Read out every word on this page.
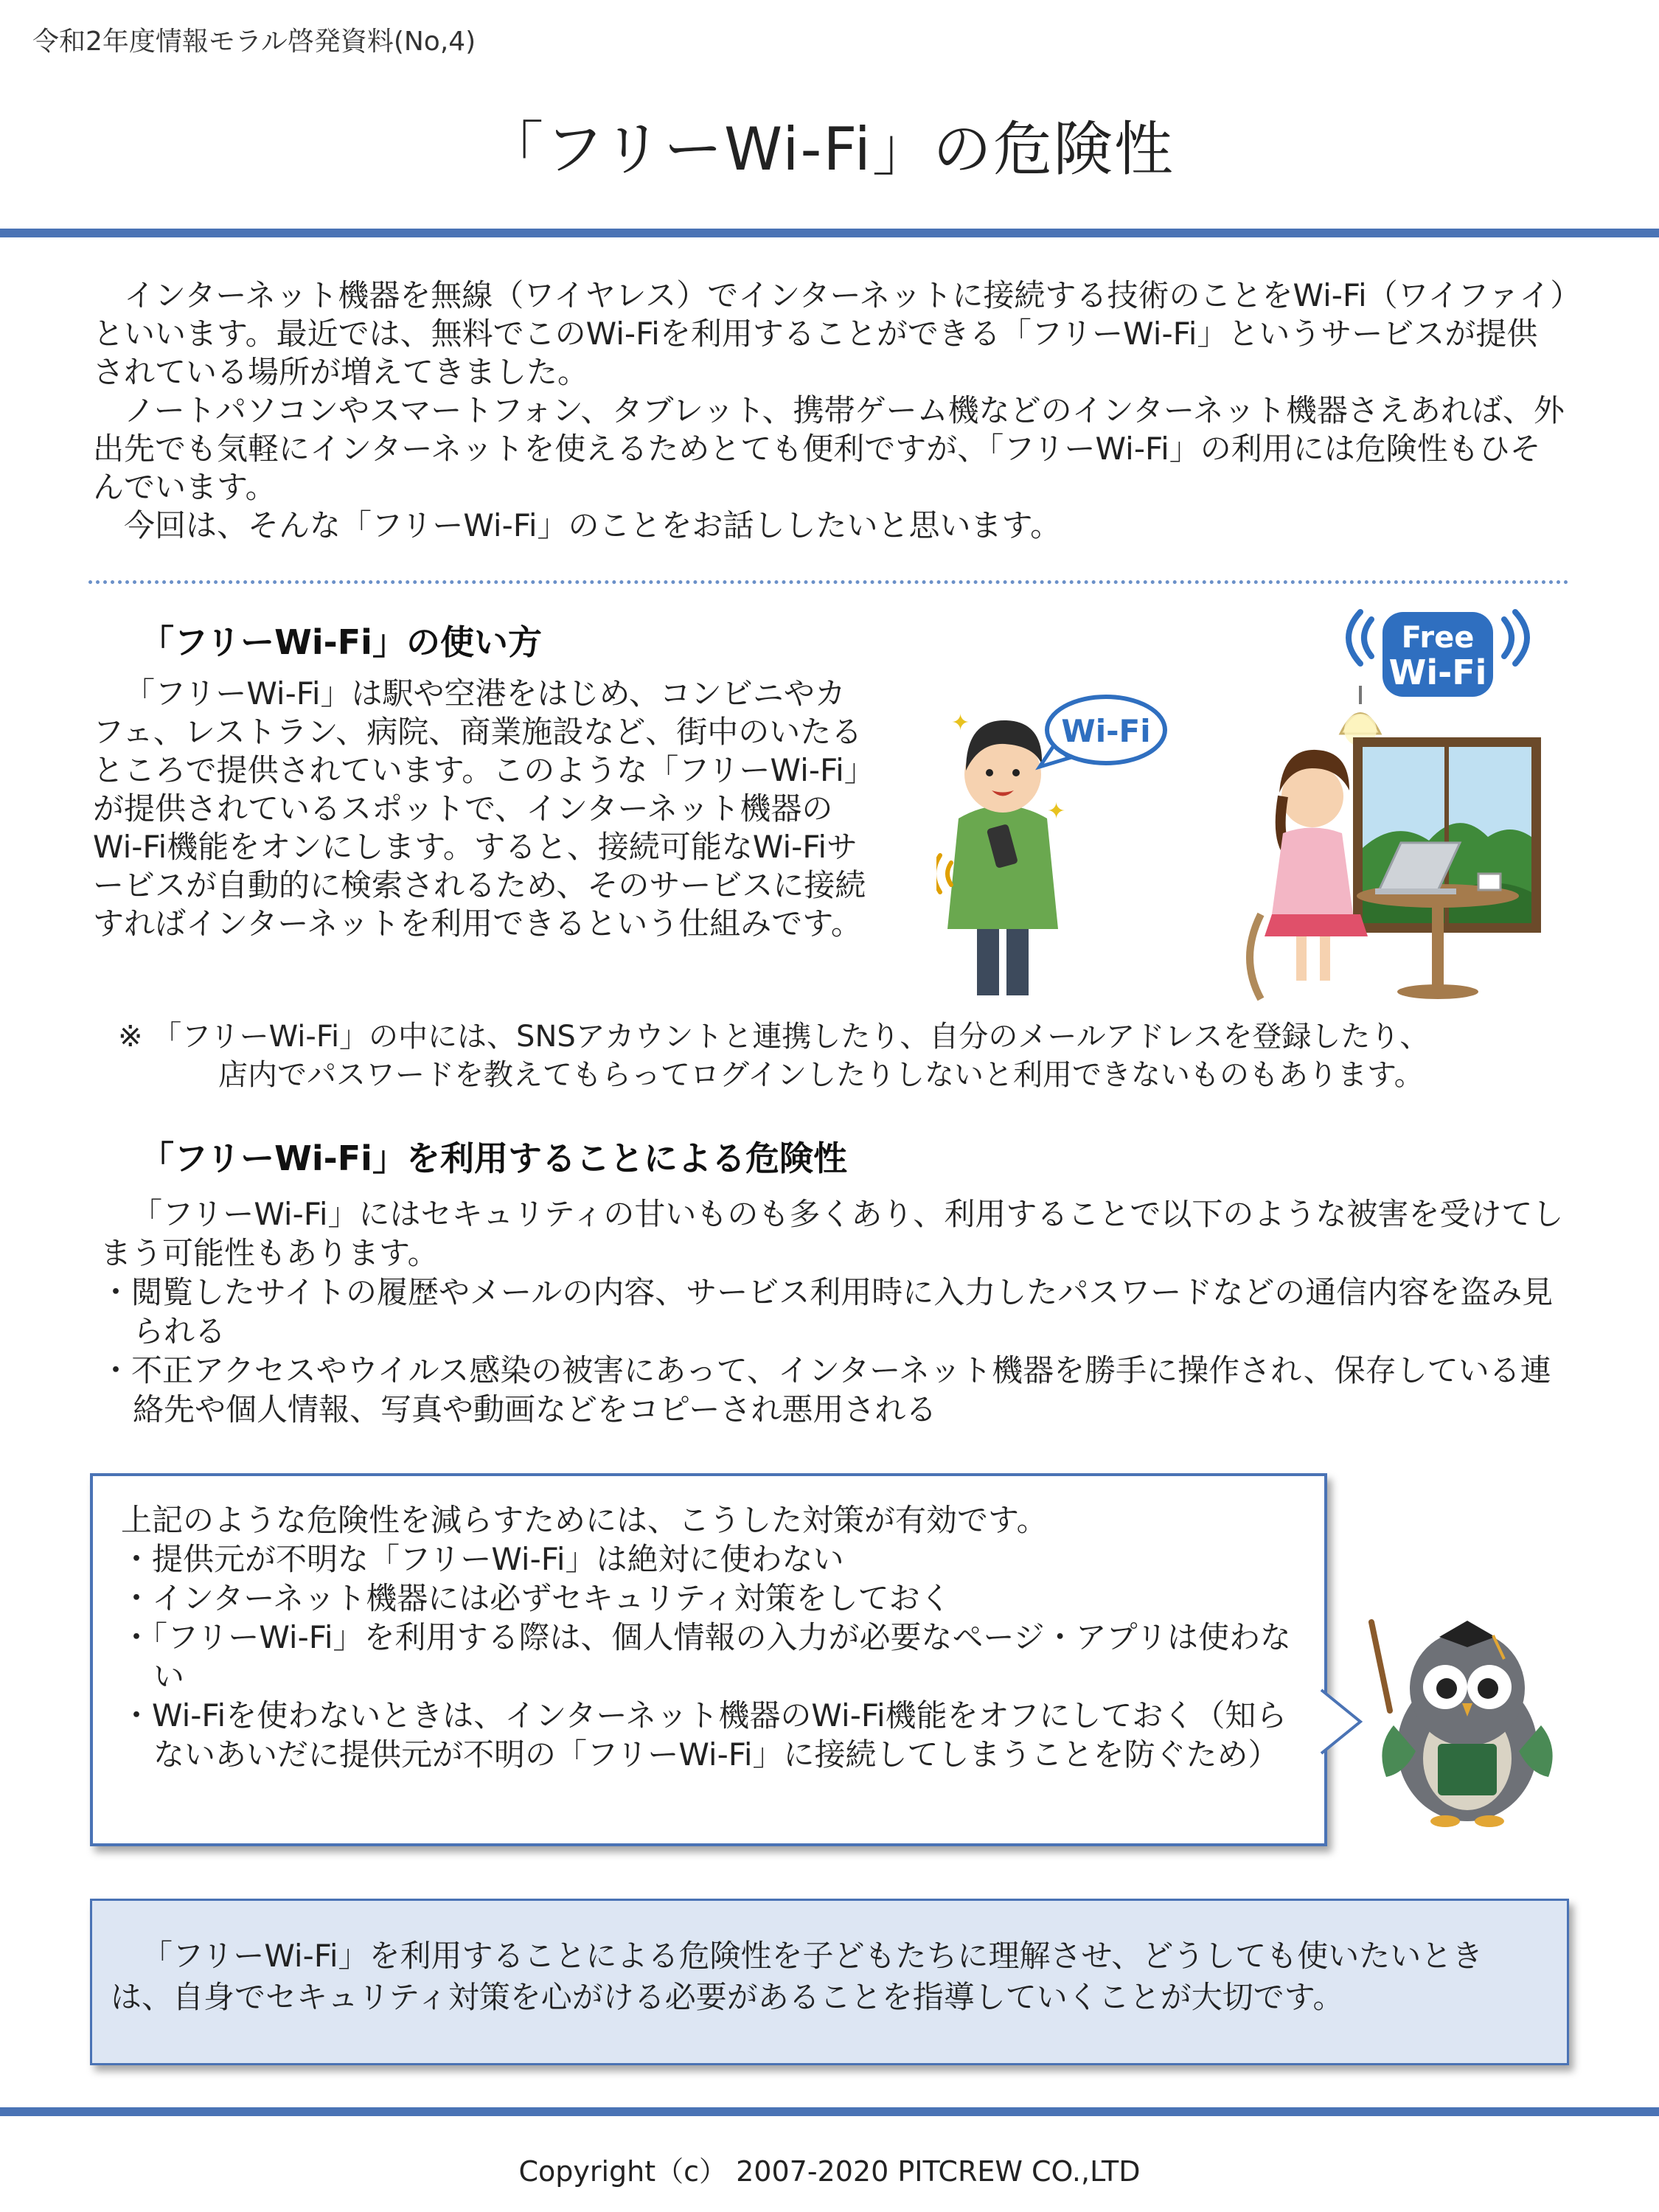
令和2年度情報モラル啓発資料(No,4)
「フリーWi-Fi」の危険性

インターネット機器を無線（ワイヤレス）でインターネットに接続する技術のことをWi-Fi（ワイファイ）といいます。最近では、無料でこのWi-Fiを利用することができる「フリーWi-Fi」というサービスが提供されている場所が増えてきました。

ノートパソコンやスマートフォン、タブレット、携帯ゲーム機などのインターネット機器さえあれば、外出先でも気軽にインターネットを使えるためとても便利ですが、「フリーWi-Fi」の利用には危険性もひそんでいます。

今回は、そんな「フリーWi-Fi」のことをお話ししたいと思います。

「フリーWi-Fi」の使い方

「フリーWi-Fi」は駅や空港をはじめ、コンビニやカフェ、レストラン、病院、商業施設など、街中のいたるところで提供されています。このような「フリーWi-Fi」が提供されているスポットで、インターネット機器のWi-Fi機能をオンにします。すると、接続可能なWi-Fiサービスが自動的に検索されるため、そのサービスに接続すればインターネットを利用できるという仕組みです。

Free
Wi-Fi
✦
✦	Wi-Fi
※ 「フリーWi-Fi」の中には、SNSアカウントと連携したり、自分のメールアドレスを登録したり、
店内でパスワードを教えてもらってログインしたりしないと利用できないものもあります。
「フリーWi-Fi」を利用することによる危険性
「フリーWi-Fi」にはセキュリティの甘いものも多くあり、利用することで以下のような被害を受けてしまう可能性もあります。
・閲覧したサイトの履歴やメールの内容、サービス利用時に入力したパスワードなどの通信内容を盗み見られる
・不正アクセスやウイルス感染の被害にあって、インターネット機器を勝手に操作され、保存している連絡先や個人情報、写真や動画などをコピーされ悪用される
上記のような危険性を減らすためには、こうした対策が有効です。
・提供元が不明な「フリーWi-Fi」は絶対に使わない
・インターネット機器には必ずセキュリティ対策をしておく
・「フリーWi-Fi」を利用する際は、個人情報の入力が必要なページ・アプリは使わない
・Wi-Fiを使わないときは、インターネット機器のWi-Fi機能をオフにしておく（知らないあいだに提供元が不明の「フリーWi-Fi」に接続してしまうことを防ぐため）

「フリーWi-Fi」を利用することによる危険性を子どもたちに理解させ、どうしても使いたいときは、自身でセキュリティ対策を心がける必要があることを指導していくことが大切です。

Copyright（c） 2007-2020 PITCREW CO.,LTD
